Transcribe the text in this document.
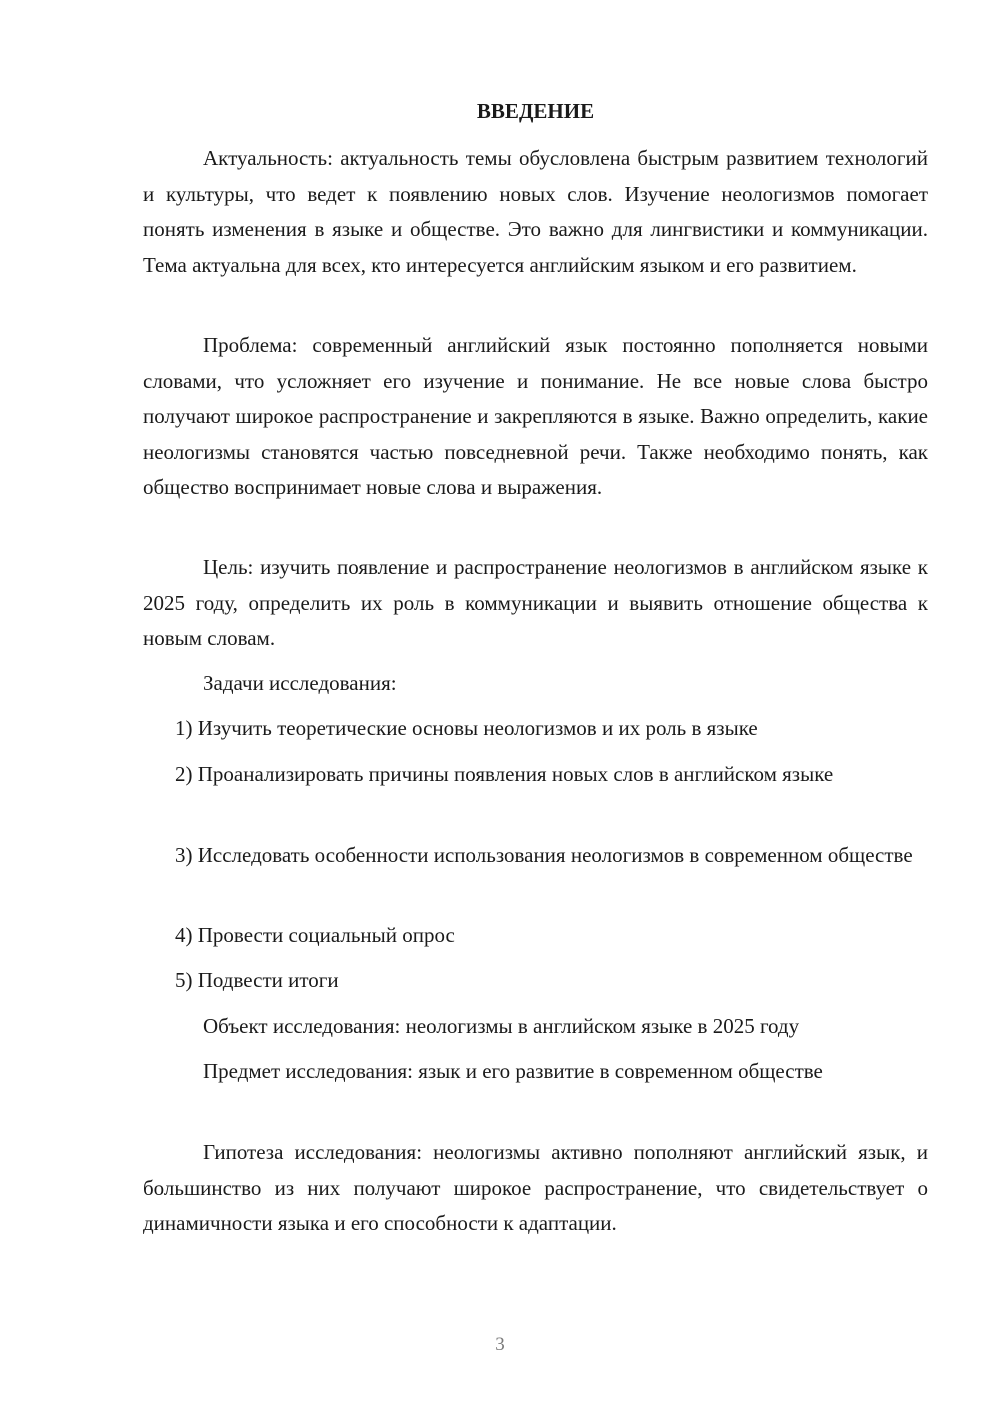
ВВЕДЕНИЕ

Актуальность: актуальность темы обусловлена быстрым развитием технологий и культуры, что ведет к появлению новых слов. Изучение неологизмов помогает понять изменения в языке и обществе. Это важно для лингвистики и коммуникации. Тема актуальна для всех, кто интересуется английским языком и его развитием.

Проблема: современный английский язык постоянно пополняется новыми словами, что усложняет его изучение и понимание. Не все новые слова быстро получают широкое распространение и закрепляются в языке. Важно определить, какие неологизмы становятся частью повседневной речи. Также необходимо понять, как общество воспринимает новые слова и выражения.

Цель: изучить появление и распространение неологизмов в английском языке к 2025 году, определить их роль в коммуникации и выявить отношение общества к новым словам.

Задачи исследования:

1) Изучить теоретические основы неологизмов и их роль в языке

2) Проанализировать причины появления новых слов в английском языке

3) Исследовать особенности использования неологизмов в современном обществе

4) Провести социальный опрос

5) Подвести итоги

Объект исследования: неологизмы в английском языке в 2025 году

Предмет исследования: язык и его развитие в современном обществе

Гипотеза исследования: неологизмы активно пополняют английский язык, и большинство из них получают широкое распространение, что свидетельствует о динамичности языка и его способности к адаптации.

3
